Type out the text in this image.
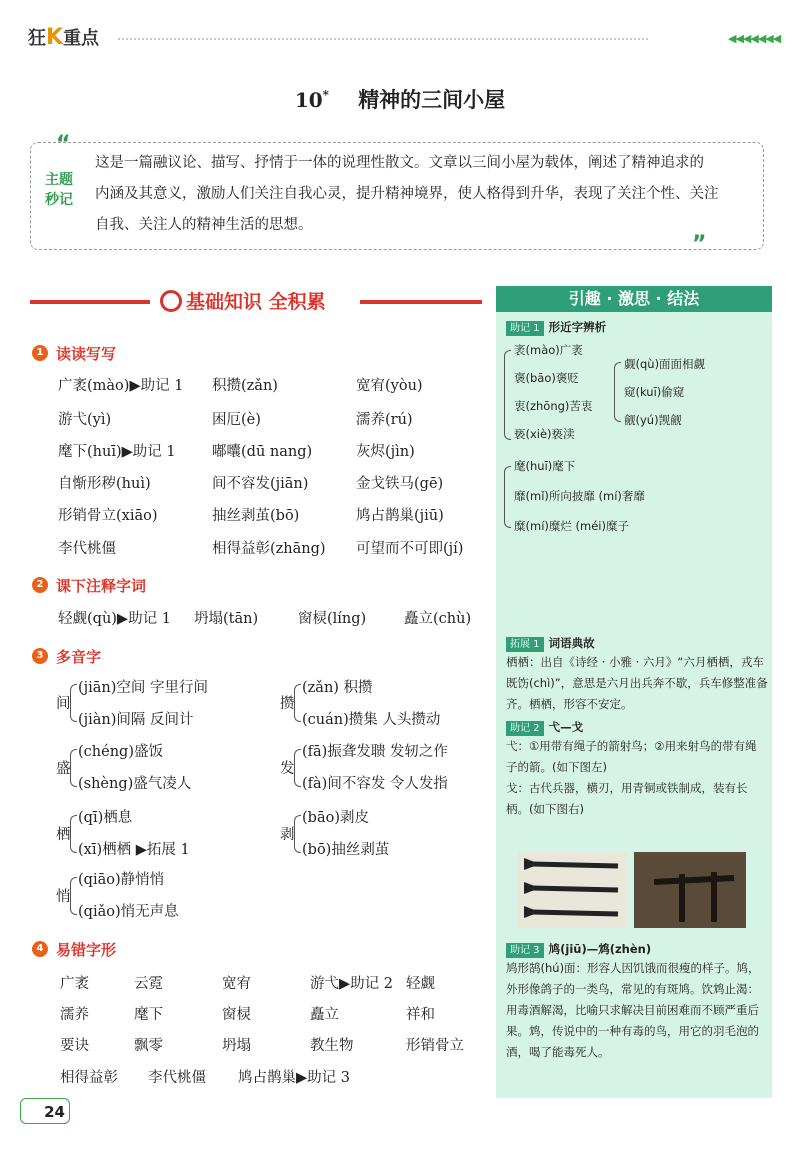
狂K重点	◀◀◀◀◀◀◀
10* 精神的三间小屋
“
”
主题
秒记
这是一篇融议论、描写、抒情于一体的说理性散文。文章以三间小屋为载体，阐述了精神追求的
内涵及其意义，激励人们关注自我心灵，提升精神境界，使人格得到升华，表现了关注个性、关注
自我、关注人的精神生活的思想。
基础知识 全积累
1 读读写写
广袤(mào)▶助记 1 积攒(zǎn)	宽宥(yòu)
游弋(yì)	困厄(è)	濡养(rú)
麾下(huī)▶助记 1	嘟囔(dū nang)	灰烬(jìn)
自惭形秽(huì)	间不容发(jiān)	金戈铁马(gē)
形销骨立(xiāo)	抽丝剥茧(bō)	鸠占鹊巢(jiū)
李代桃僵	相得益彰(zhāng) 可望而不可即(jí)
2 课下注释字词
轻觑(qù)▶助记 1 坍塌(tān)	窗棂(líng)	矗立(chù)
3 多音字
间
(jiān)空间 字里行间
(jiàn)间隔 反间计
攒
(zǎn) 积攒
(cuán)攒集 人头攒动
盛
(chéng)盛饭
(shèng)盛气凌人
发
(fā)振聋发聩 发轫之作
(fà)间不容发 令人发指
栖
(qī)栖息
(xī)栖栖 ▶拓展 1
剥
(bāo)剥皮
(bō)抽丝剥茧
悄
(qiāo)静悄悄
(qiǎo)悄无声息
4 易错字形
广袤	云霓	宽宥	游弋▶助记 2 轻觑
濡养	麾下	窗棂	矗立	祥和
要诀	飘零	坍塌	教生物	形销骨立
相得益彰 李代桃僵 鸠占鹊巢▶助记 3
引趣 · 激思 · 结法
助记 1 形近字辨析
袤(mào)广袤
褒(bāo)褒贬
衷(zhōng)苦衷
亵(xiè)亵渎
觑(qù)面面相觑
窥(kuī)偷窥
觎(yú)觊觎
麾(huī)麾下
靡(mǐ)所向披靡 (mí)奢靡
糜(mí)糜烂 (méi)糜子
拓展 1 词语典故
栖栖：出自《诗经 · 小雅 · 六月》“六月栖栖，戎车既饬(chì)”，意思是六月出兵奔不歇，兵车修整准备齐。栖栖，形容不安定。
助记 2 弋—戈
弋：①用带有绳子的箭射鸟；②用来射鸟的带有绳子的箭。(如下图左)
戈：古代兵器，横刃，用青铜或铁制成，装有长柄。(如下图右)
助记 3 鸠(jiū)—鸩(zhèn)
鸠形鹄(hú)面：形容人因饥饿而很瘦的样子。鸠，外形像鸽子的一类鸟，常见的有斑鸠。饮鸩止渴：用毒酒解渴，比喻只求解决目前困难而不顾严重后果。鸩，传说中的一种有毒的鸟，用它的羽毛泡的酒，喝了能毒死人。
24
